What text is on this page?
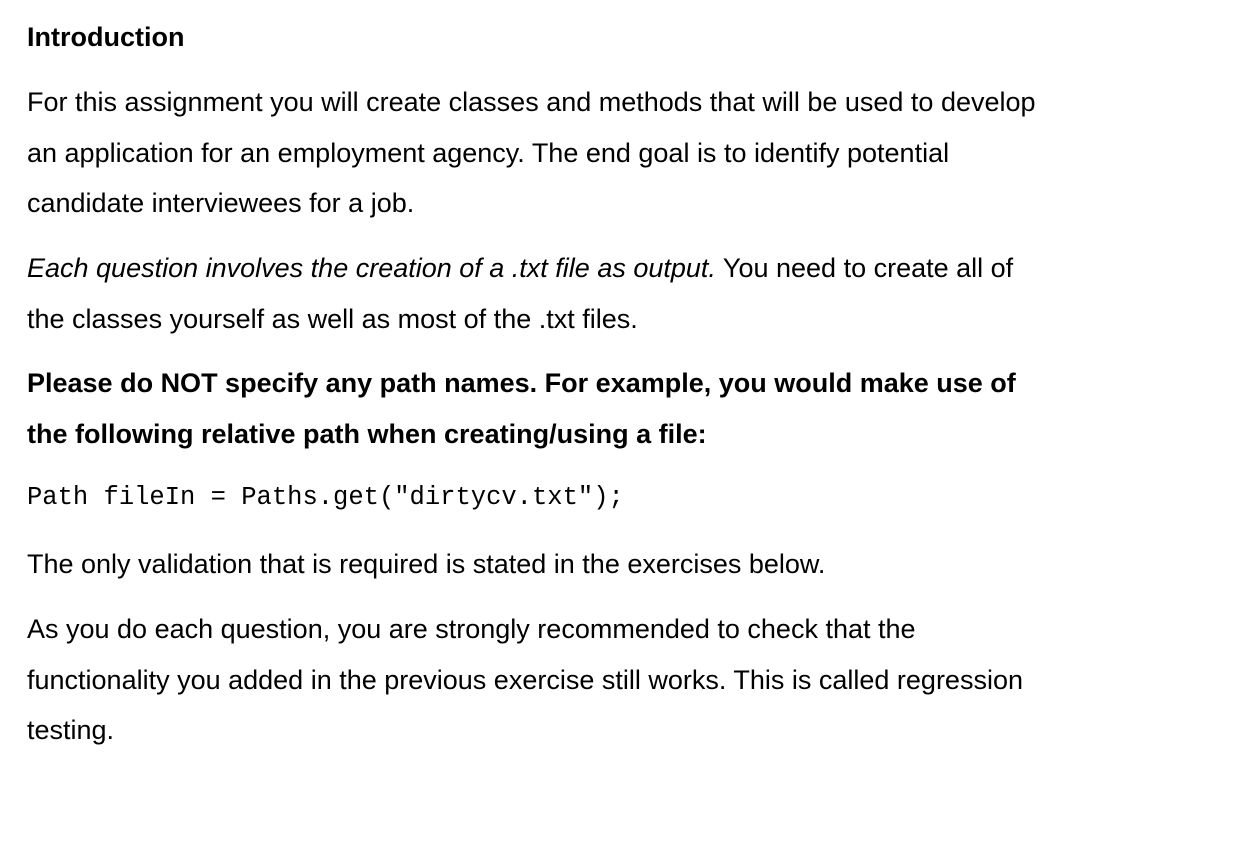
Introduction

For this assignment you will create classes and methods that will be used to develop
an application for an employment agency. The end goal is to identify potential
candidate interviewees for a job.

Each question involves the creation of a .txt file as output. You need to create all of
the classes yourself as well as most of the .txt files.

Please do NOT specify any path names. For example, you would make use of
the following relative path when creating/using a file:

Path fileIn = Paths.get("dirtycv.txt");

The only validation that is required is stated in the exercises below.

As you do each question, you are strongly recommended to check that the
functionality you added in the previous exercise still works. This is called regression
testing.
